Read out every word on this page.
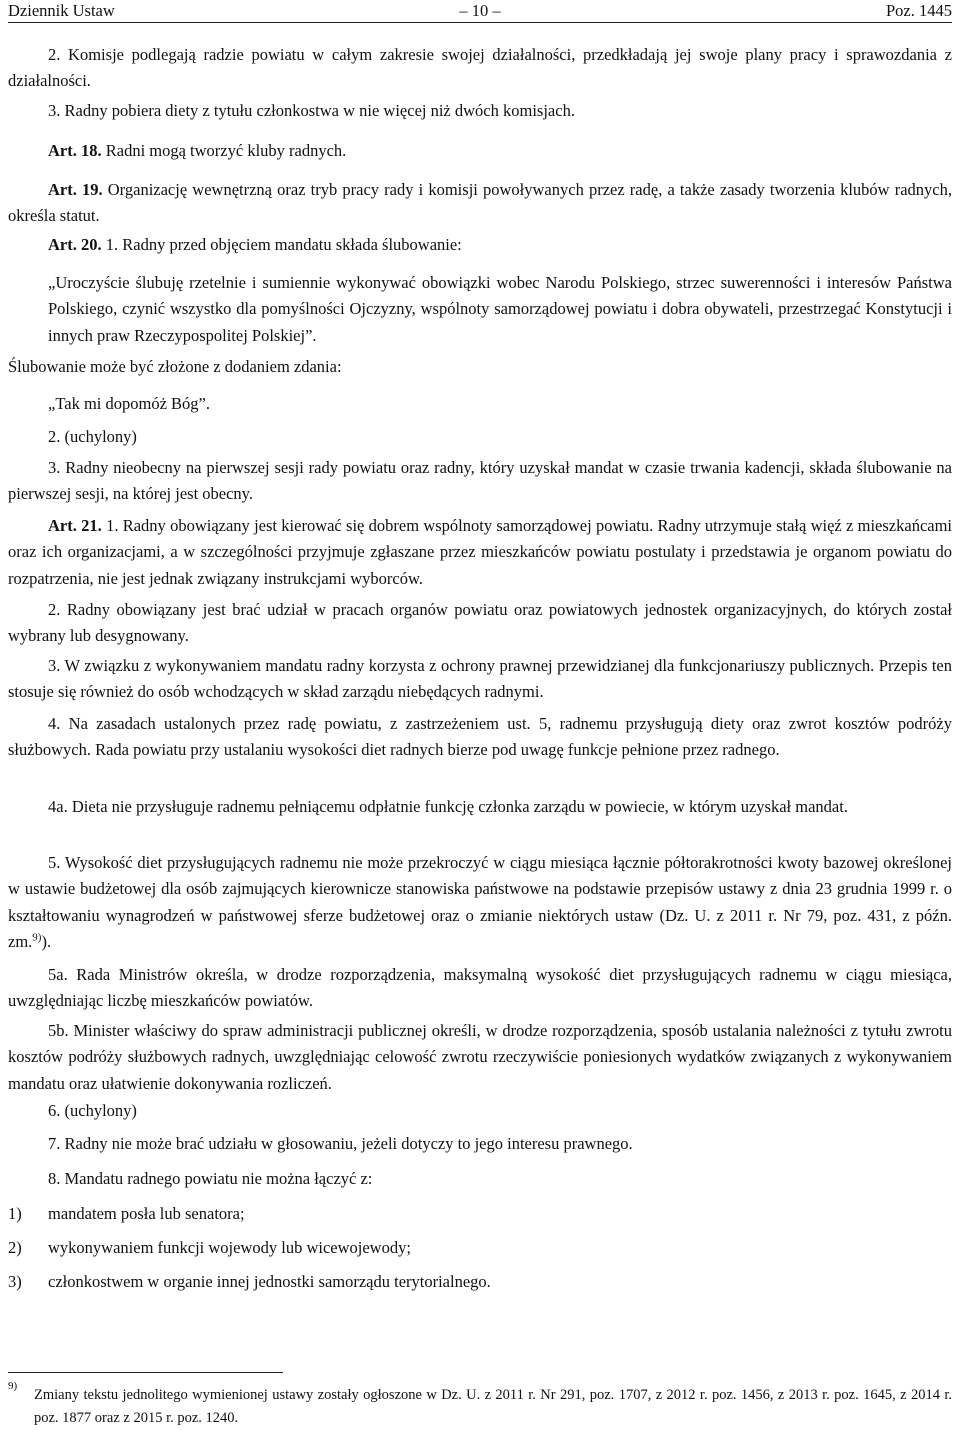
Dziennik Ustaw	– 10 –	Poz. 1445

2. Komisje podlegają radzie powiatu w całym zakresie swojej działalności, przedkładają jej swoje plany pracy i sprawozdania z działalności.

3. Radny pobiera diety z tytułu członkostwa w nie więcej niż dwóch komisjach.

Art. 18. Radni mogą tworzyć kluby radnych.

Art. 19. Organizację wewnętrzną oraz tryb pracy rady i komisji powoływanych przez radę, a także zasady tworzenia klubów radnych, określa statut.

Art. 20. 1. Radny przed objęciem mandatu składa ślubowanie:

„Uroczyście ślubuję rzetelnie i sumiennie wykonywać obowiązki wobec Narodu Polskiego, strzec suwerenności i interesów Państwa Polskiego, czynić wszystko dla pomyślności Ojczyzny, wspólnoty samorządowej powiatu i dobra obywateli, przestrzegać Konstytucji i innych praw Rzeczypospolitej Polskiej”.

Ślubowanie może być złożone z dodaniem zdania:

„Tak mi dopomóż Bóg”.

2. (uchylony)

3. Radny nieobecny na pierwszej sesji rady powiatu oraz radny, który uzyskał mandat w czasie trwania kadencji, składa ślubowanie na pierwszej sesji, na której jest obecny.

Art. 21. 1. Radny obowiązany jest kierować się dobrem wspólnoty samorządowej powiatu. Radny utrzymuje stałą więź z mieszkańcami oraz ich organizacjami, a w szczególności przyjmuje zgłaszane przez mieszkańców powiatu postulaty i przedstawia je organom powiatu do rozpatrzenia, nie jest jednak związany instrukcjami wyborców.

2. Radny obowiązany jest brać udział w pracach organów powiatu oraz powiatowych jednostek organizacyjnych, do których został wybrany lub desygnowany.

3. W związku z wykonywaniem mandatu radny korzysta z ochrony prawnej przewidzianej dla funkcjonariuszy publicznych. Przepis ten stosuje się również do osób wchodzących w skład zarządu niebędących radnymi.

4. Na zasadach ustalonych przez radę powiatu, z zastrzeżeniem ust. 5, radnemu przysługują diety oraz zwrot kosztów podróży służbowych. Rada powiatu przy ustalaniu wysokości diet radnych bierze pod uwagę funkcje pełnione przez radnego.

4a. Dieta nie przysługuje radnemu pełniącemu odpłatnie funkcję członka zarządu w powiecie, w którym uzyskał mandat.

5. Wysokość diet przysługujących radnemu nie może przekroczyć w ciągu miesiąca łącznie półtorakrotności kwoty bazowej określonej w ustawie budżetowej dla osób zajmujących kierownicze stanowiska państwowe na podstawie przepisów ustawy z dnia 23 grudnia 1999 r. o kształtowaniu wynagrodzeń w państwowej sferze budżetowej oraz o zmianie niektórych ustaw (Dz. U. z 2011 r. Nr 79, poz. 431, z późn. zm.$^{9)}$).

5a. Rada Ministrów określa, w drodze rozporządzenia, maksymalną wysokość diet przysługujących radnemu w ciągu miesiąca, uwzględniając liczbę mieszkańców powiatów.

5b. Minister właściwy do spraw administracji publicznej określi, w drodze rozporządzenia, sposób ustalania należności z tytułu zwrotu kosztów podróży służbowych radnych, uwzględniając celowość zwrotu rzeczywiście poniesionych wydatków związanych z wykonywaniem mandatu oraz ułatwienie dokonywania rozliczeń.

6. (uchylony)

7. Radny nie może brać udziału w głosowaniu, jeżeli dotyczy to jego interesu prawnego.

8. Mandatu radnego powiatu nie można łączyć z:

1) mandatem posła lub senatora;
2) wykonywaniem funkcji wojewody lub wicewojewody;
3) członkostwem w organie innej jednostki samorządu terytorialnego.
9)
Zmiany tekstu jednolitego wymienionej ustawy zostały ogłoszone w Dz. U. z 2011 r. Nr 291, poz. 1707, z 2012 r. poz. 1456, z 2013 r. poz. 1645, z 2014 r. poz. 1877 oraz z 2015 r. poz. 1240.
